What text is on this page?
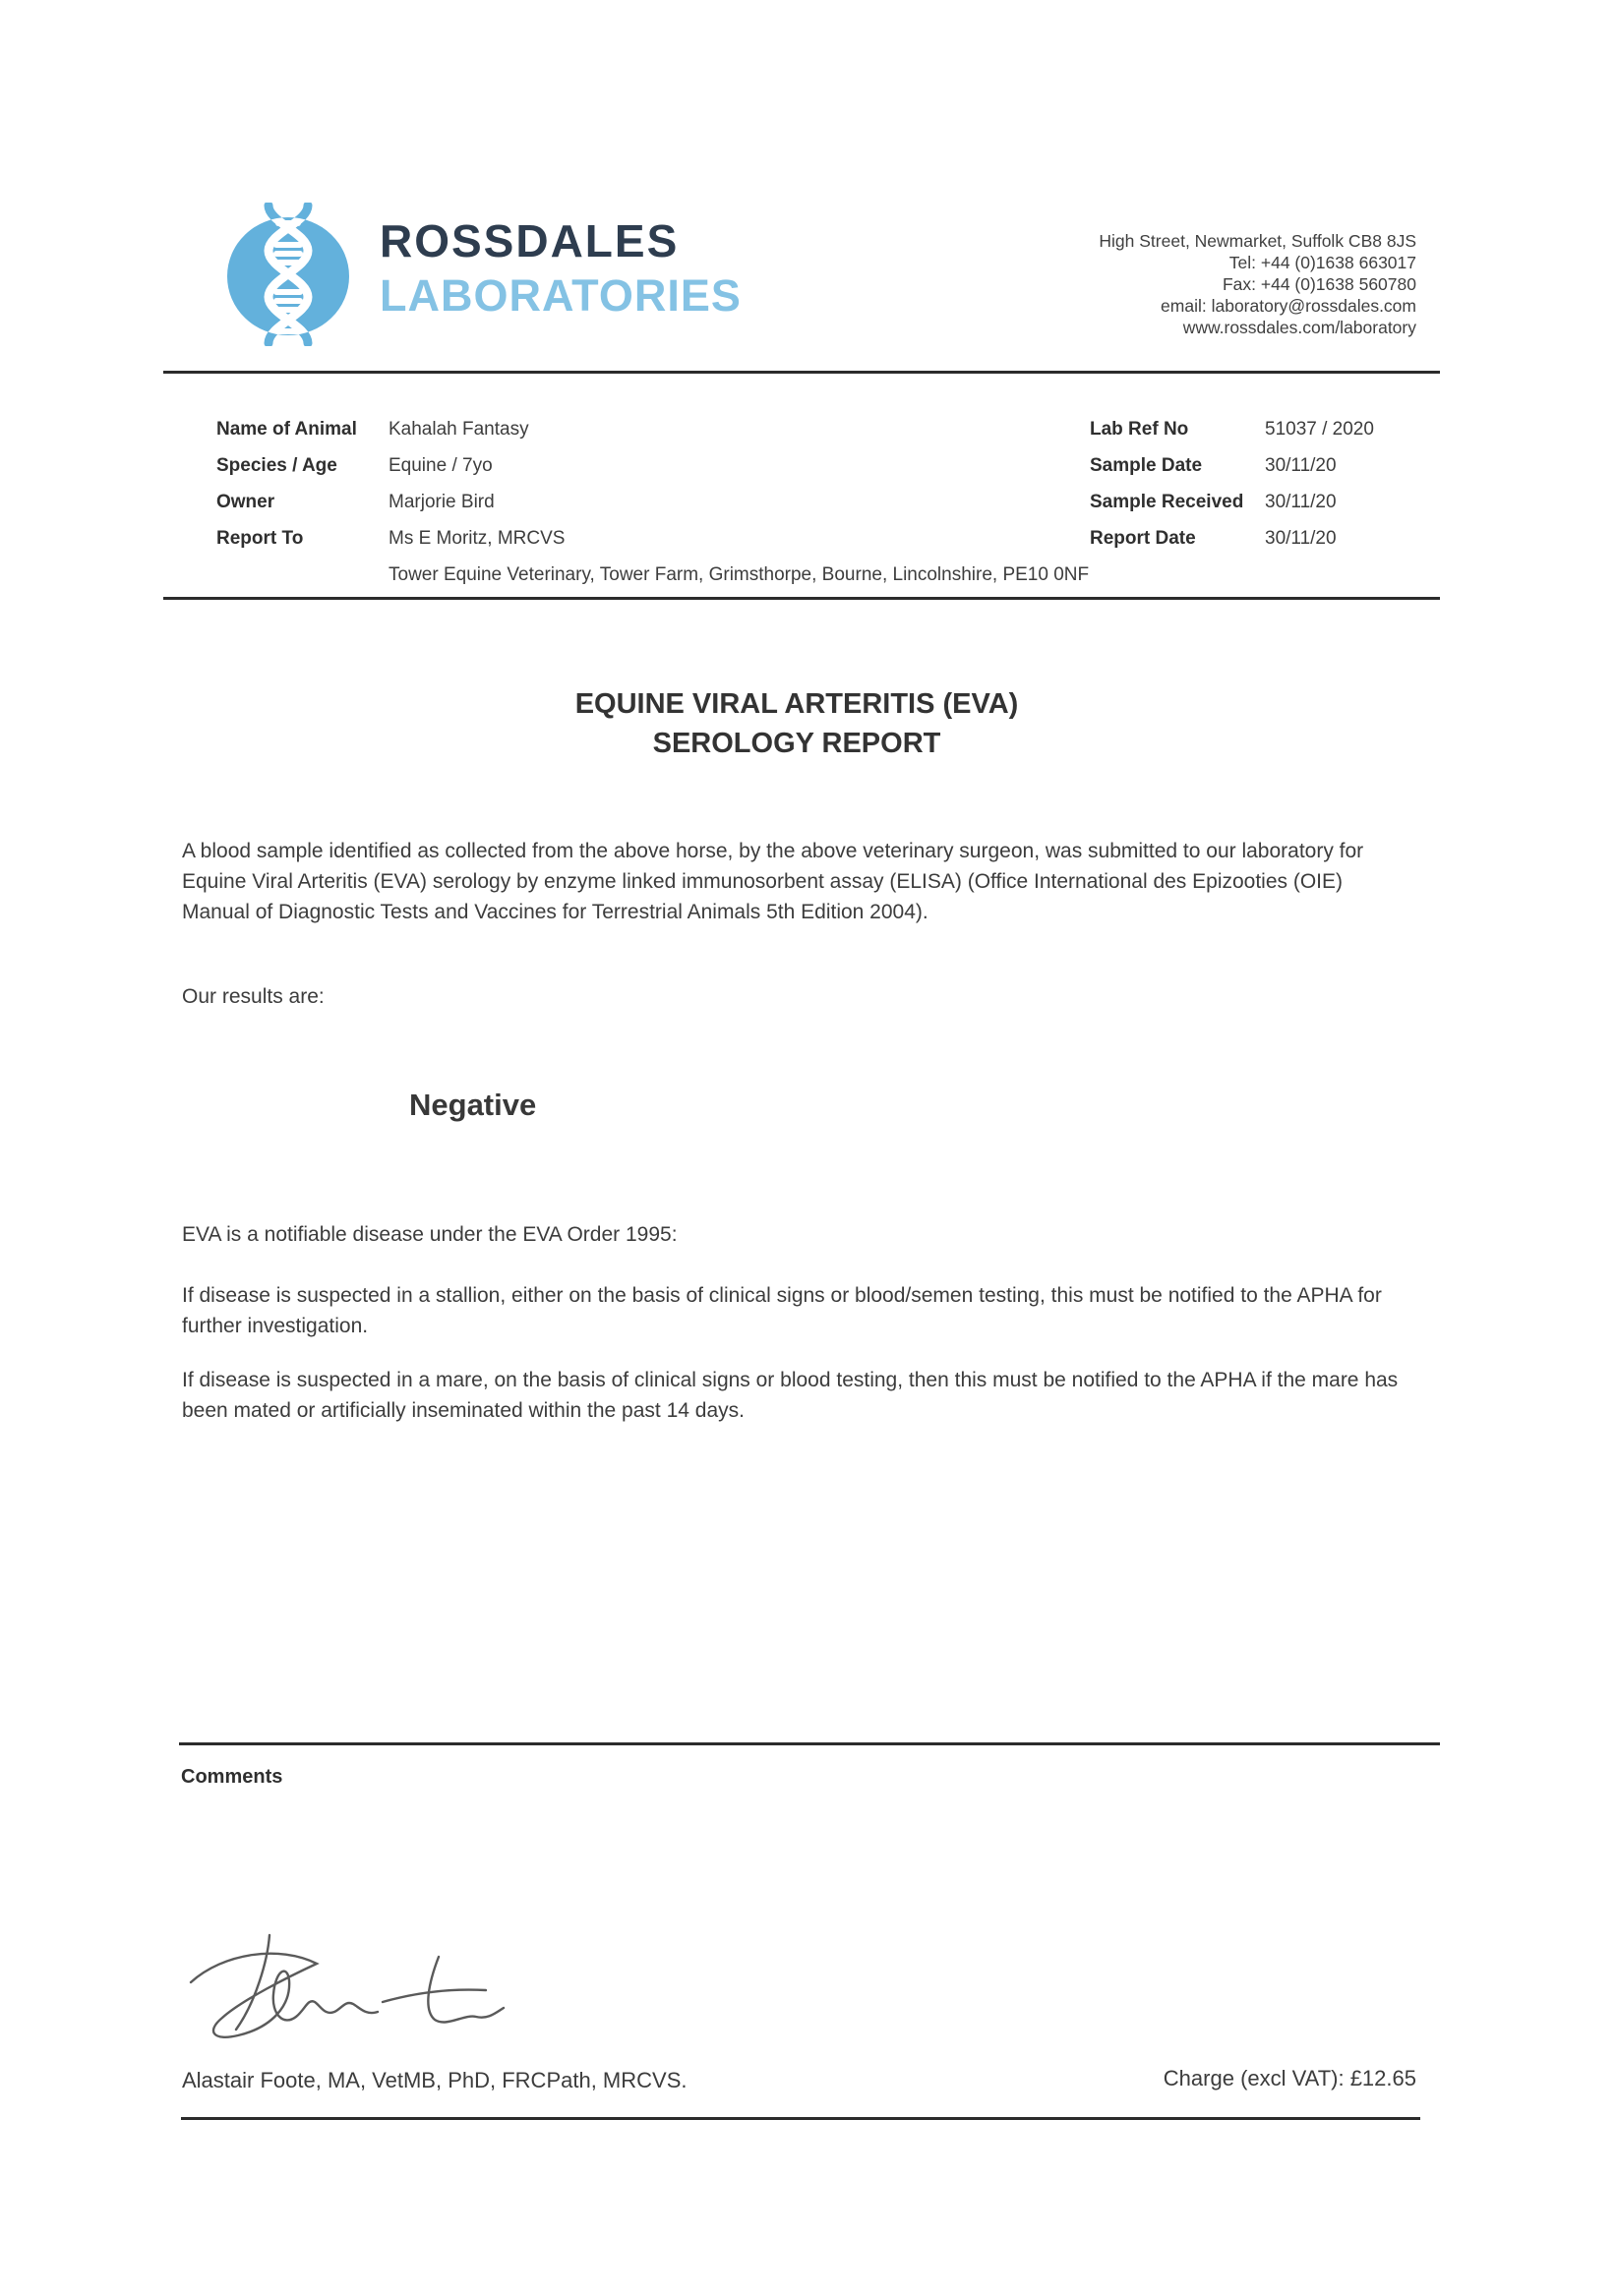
ROSSDALES
LABORATORIES
High Street, Newmarket, Suffolk CB8 8JS
Tel: +44 (0)1638 663017
Fax: +44 (0)1638 560780
email: laboratory@rossdales.com
www.rossdales.com/laboratory
Name of Animal Kahalah Fantasy
Species / Age	Equine / 7yo
Owner	Marjorie Bird
Report To	Ms E Moritz, MRCVS
Tower Equine Veterinary, Tower Farm, Grimsthorpe, Bourne, Lincolnshire, PE10 0NF
Lab Ref No	51037 / 2020
Sample Date	30/11/20
Sample Received 30/11/20
Report Date	30/11/20
EQUINE VIRAL ARTERITIS (EVA)
SEROLOGY REPORT
A blood sample identified as collected from the above horse, by the above veterinary surgeon, was submitted to our laboratory for Equine Viral Arteritis (EVA) serology by enzyme linked immunosorbent assay (ELISA) (Office International des Epizooties (OIE) Manual of Diagnostic Tests and Vaccines for Terrestrial Animals 5th Edition 2004).
Our results are:
Negative
EVA is a notifiable disease under the EVA Order 1995:
If disease is suspected in a stallion, either on the basis of clinical signs or blood/semen testing, this must be notified to the APHA for further investigation.
If disease is suspected in a mare, on the basis of clinical signs or blood testing, then this must be notified to the APHA if the mare has been mated or artificially inseminated within the past 14 days.
Comments
Alastair Foote, MA, VetMB, PhD, FRCPath, MRCVS.	Charge (excl VAT): £12.65
